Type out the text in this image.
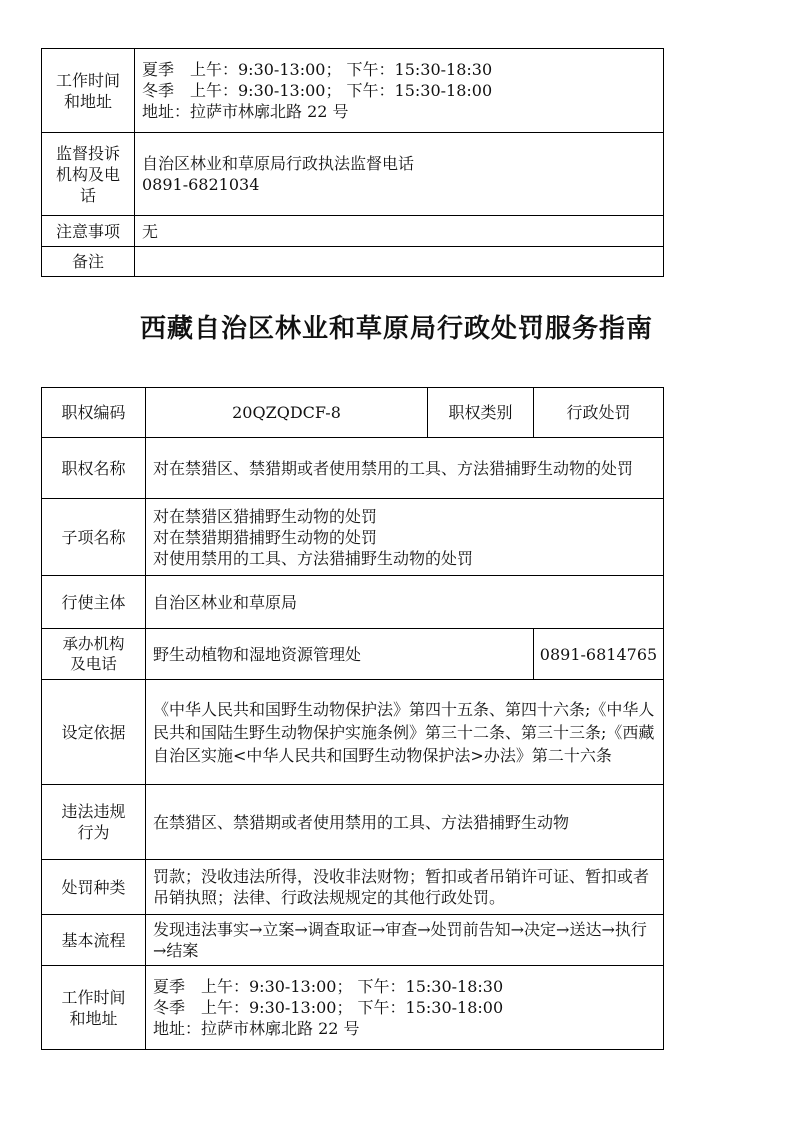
工作时间
和地址	夏季　上午：9:30-13:00； 下午：15:30-18:30
冬季　上午：9:30-13:00； 下午：15:30-18:00
地址：拉萨市林廓北路 22 号

监督投诉
机构及电
话	自治区林业和草原局行政执法监督电话
0891-6821034

注意事项	无
备注	
西藏自治区林业和草原局行政处罚服务指南
职权编码	20QZQDCF-8	职权类别	行政处罚
职权名称	对在禁猎区、禁猎期或者使用禁用的工具、方法猎捕野生动物的处罚		
子项名称	对在禁猎区猎捕野生动物的处罚
对在禁猎期猎捕野生动物的处罚
对使用禁用的工具、方法猎捕野生动物的处罚		

行使主体	自治区林业和草原局		

承办机构
及电话	野生动植物和湿地资源管理处		0891-6814765
设定依据	《中华人民共和国野生动物保护法》第四十五条、第四十六条;《中华人民共和国陆生野生动物保护实施条例》第三十二条、第三十三条;《西藏自治区实施<中华人民共和国野生动物保护法>办法》第二十六条		

违法违规
行为	在禁猎区、禁猎期或者使用禁用的工具、方法猎捕野生动物		
处罚种类	罚款；没收违法所得，没收非法财物；暂扣或者吊销许可证、暂扣或者吊销执照；法律、行政法规规定的其他行政处罚。		
基本流程	发现违法事实→立案→调查取证→审查→处罚前告知→决定→送达→执行→结案		

工作时间
和地址	夏季　上午：9:30-13:00； 下午：15:30-18:30
冬季　上午：9:30-13:00； 下午：15:30-18:00
地址：拉萨市林廓北路 22 号		
